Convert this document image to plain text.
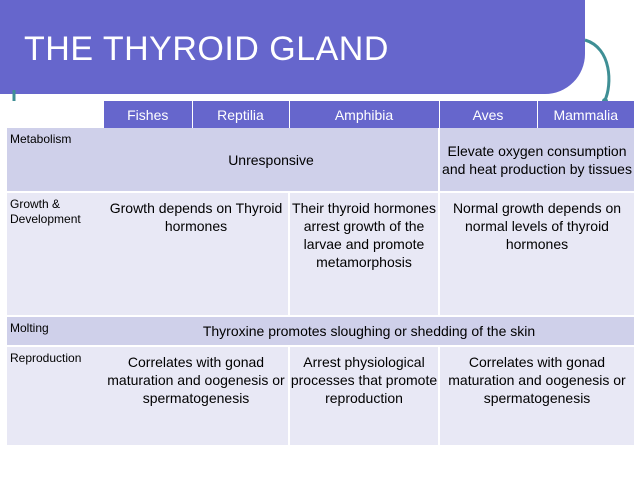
THE THYROID GLAND
	Fishes	Reptilia	Amphibia	Aves	Mammalia
Metabolism	Unresponsive			Elevate oxygen consumption and heat production by tissues	
Growth & Development	Growth depends on Thyroid hormones		Their thyroid hormones arrest growth of the larvae and promote metamorphosis	Normal growth depends on normal levels of thyroid hormones	
Molting	Thyroxine promotes sloughing or shedding of the skin				
Reproduction	Correlates with gonad maturation and oogenesis or spermatogenesis		Arrest physiological processes that promote reproduction	Correlates with gonad maturation and oogenesis or spermatogenesis	
